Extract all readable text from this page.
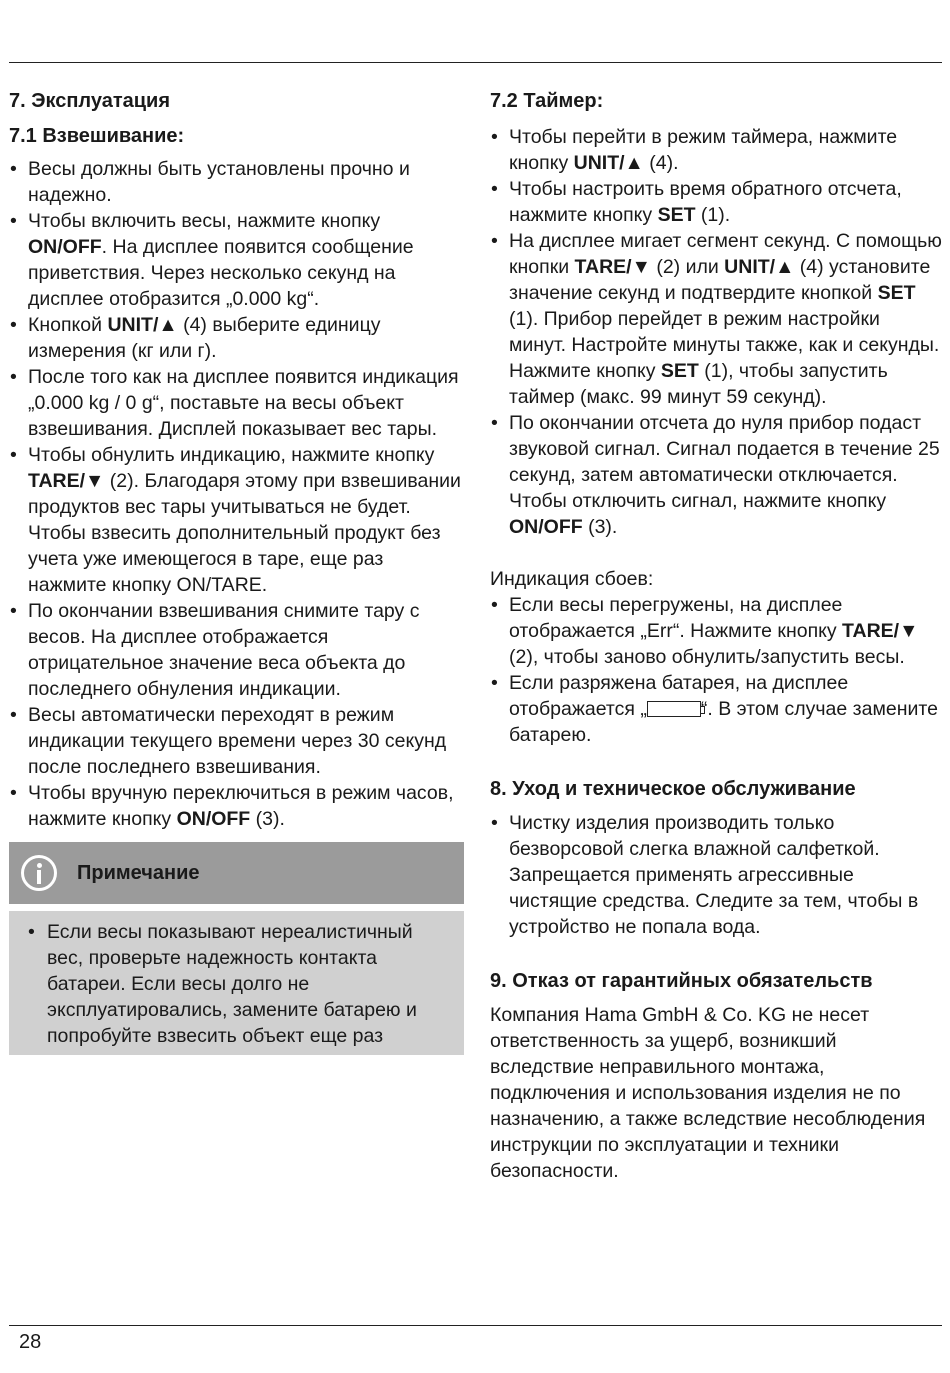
7. Эксплуатация
7.1 Взвешивание:
• Весы должны быть установлены прочно и надежно.
• Чтобы включить весы, нажмите кнопку ON/OFF. На дисплее появится сообщение приветствия. Через несколько секунд на дисплее отобразится „0.000 kg“.
• Кнопкой UNIT/▲ (4) выберите единицу измерения (кг или г).
• После того как на дисплее появится индикация „0.000 kg / 0 g“, поставьте на весы объект взвешивания. Дисплей показывает вес тары.
• Чтобы обнулить индикацию, нажмите кнопку TARE/▼ (2). Благодаря этому при взвешивании продуктов вес тары учитываться не будет. Чтобы взвесить дополнительный продукт без учета уже имеющегося в таре, еще раз нажмите кнопку ON/TARE.
• По окончании взвешивания снимите тару с весов. На дисплее отображается отрицательное значение веса объекта до последнего обнуления индикации.
• Весы автоматически переходят в режим индикации текущего времени через 30 секунд после последнего взвешивания.
• Чтобы вручную переключиться в режим часов, нажмите кнопку ON/OFF (3).
Примечание
• Если весы показывают нереалистичный вес, проверьте надежность контакта батареи. Если весы долго не эксплуатировались, замените батарею и попробуйте взвесить объект еще раз
7.2 Таймер:
• Чтобы перейти в режим таймера, нажмите кнопку UNIT/▲ (4).
• Чтобы настроить время обратного отсчета, нажмите кнопку SET (1).
• На дисплее мигает сегмент секунд. С помощью кнопки TARE/▼ (2) или UNIT/▲ (4) установите значение секунд и подтвердите кнопкой SET (1). Прибор перейдет в режим настройки минут. Настройте минуты также, как и секунды. Нажмите кнопку SET (1), чтобы запустить таймер (макс. 99 минут 59 секунд).
• По окончании отсчета до нуля прибор подаст звуковой сигнал. Сигнал подается в течение 25 секунд, затем автоматически отключается. Чтобы отключить сигнал, нажмите кнопку ON/OFF (3).

Индикация сбоев:

• Если весы перегружены, на дисплее отображается „Err“. Нажмите кнопку TARE/▼ (2), чтобы заново обнулить/запустить весы.
• Если разряжена батарея, на дисплее отображается „	“. В этом случае замените батарею.
8. Уход и техническое обслуживание
• Чистку изделия производить только безворсовой слегка влажной салфеткой. Запрещается применять агрессивные чистящие средства. Следите за тем, чтобы в устройство не попала вода.
9. Отказ от гарантийных обязательств

Компания Hama GmbH & Co. KG не несет ответственность за ущерб, возникший вследствие неправильного монтажа, подключения и использования изделия не по назначению, а также вследствие несоблюдения инструкции по эксплуатации и техники безопасности.

28
